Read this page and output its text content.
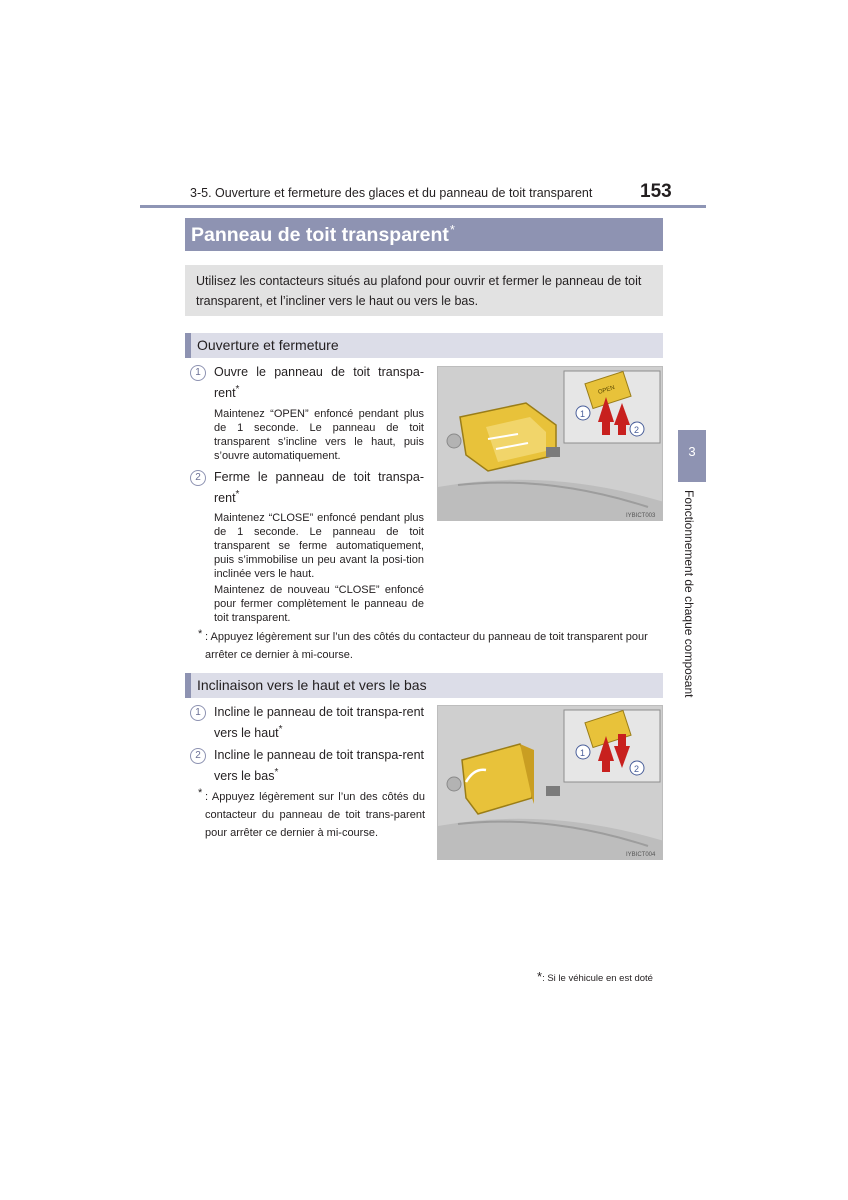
3-5. Ouverture et fermeture des glaces et du panneau de toit transparent	153
Panneau de toit transparent*

Utilisez les contacteurs situés au plafond pour ouvrir et fermer le panneau de toit transparent, et l’incliner vers le haut ou vers le bas.

Ouverture et fermeture
1	Ouvre le panneau de toit transpa-rent*
Maintenez “OPEN” enfoncé pendant plus de 1 seconde. Le panneau de toit transparent s’incline vers le haut, puis s’ouvre automatiquement.
2	Ferme le panneau de toit transpa-rent*
Maintenez “CLOSE” enfoncé pendant plus de 1 seconde. Le panneau de toit transparent se ferme automatiquement, puis s’immobilise un peu avant la posi-tion inclinée vers le haut.
Maintenez de nouveau “CLOSE” enfoncé pour fermer complètement le panneau de toit transparent.
* : Appuyez légèrement sur l’un des côtés du contacteur du panneau de toit transparent pour arrêter ce dernier à mi-course.
OPEN
1
2
IYBICT003
Inclinaison vers le haut et vers le bas
1	Incline le panneau de toit transpa-rent vers le haut*
2	Incline le panneau de toit transpa-rent vers le bas*
* : Appuyez légèrement sur l’un des côtés du contacteur du panneau de toit trans-parent pour arrêter ce dernier à mi-course.
1
2
IYBICT004
3
Fonctionnement de chaque composant
*: Si le véhicule en est doté
